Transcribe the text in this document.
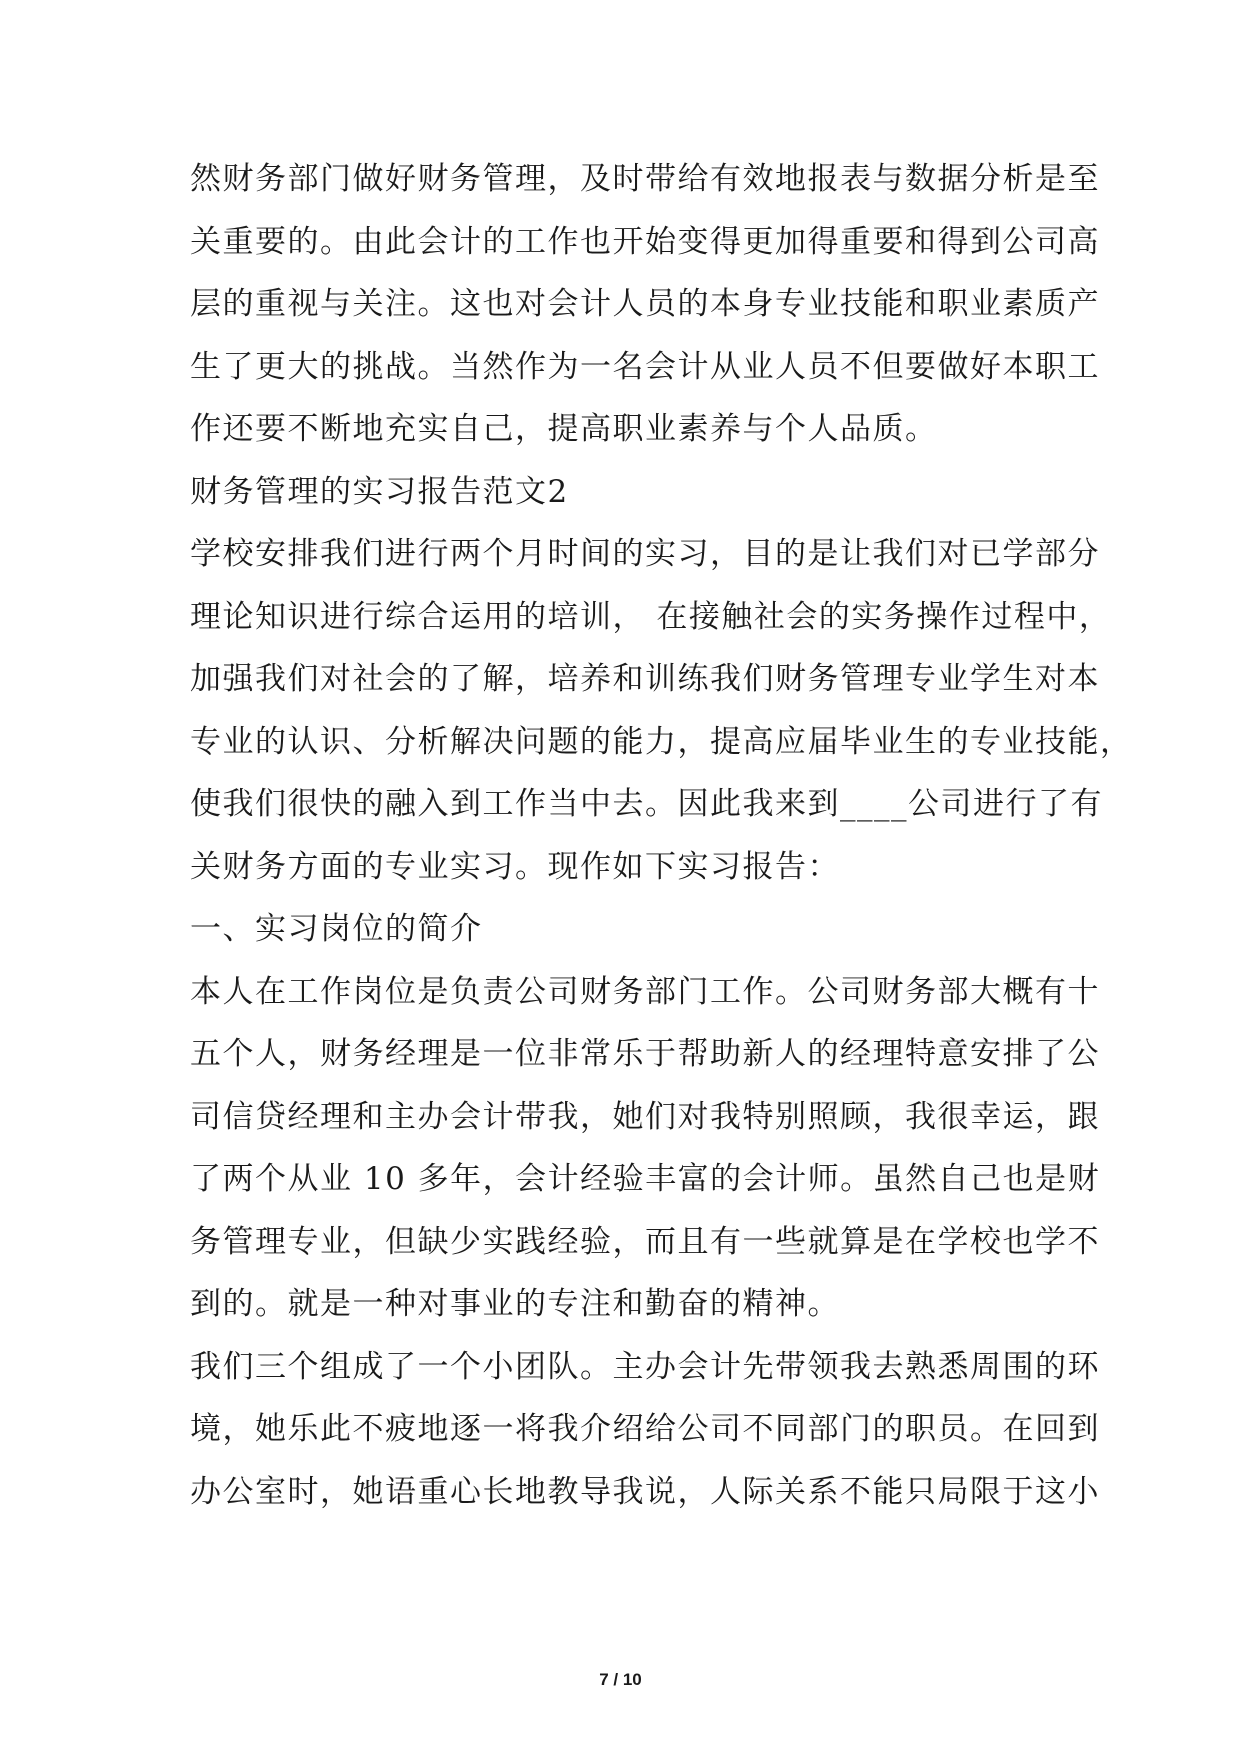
然财务部门做好财务管理，及时带给有效地报表与数据分析是至
关重要的。由此会计的工作也开始变得更加得重要和得到公司高
层的重视与关注。这也对会计人员的本身专业技能和职业素质产
生了更大的挑战。当然作为一名会计从业人员不但要做好本职工
作还要不断地充实自己，提高职业素养与个人品质。
财务管理的实习报告范文2
学校安排我们进行两个月时间的实习，目的是让我们对已学部分
理论知识进行综合运用的培训， 在接触社会的实务操作过程中，
加强我们对社会的了解，培养和训练我们财务管理专业学生对本
专业的认识、分析解决问题的能力，提高应届毕业生的专业技能，
使我们很快的融入到工作当中去。因此我来到____公司进行了有
关财务方面的专业实习。现作如下实习报告：
一、实习岗位的简介
本人在工作岗位是负责公司财务部门工作。公司财务部大概有十
五个人，财务经理是一位非常乐于帮助新人的经理特意安排了公
司信贷经理和主办会计带我，她们对我特别照顾，我很幸运，跟
了两个从业 10 多年，会计经验丰富的会计师。虽然自己也是财
务管理专业，但缺少实践经验，而且有一些就算是在学校也学不
到的。就是一种对事业的专注和勤奋的精神。
我们三个组成了一个小团队。主办会计先带领我去熟悉周围的环
境，她乐此不疲地逐一将我介绍给公司不同部门的职员。在回到
办公室时，她语重心长地教导我说，人际关系不能只局限于这小
7 / 10
